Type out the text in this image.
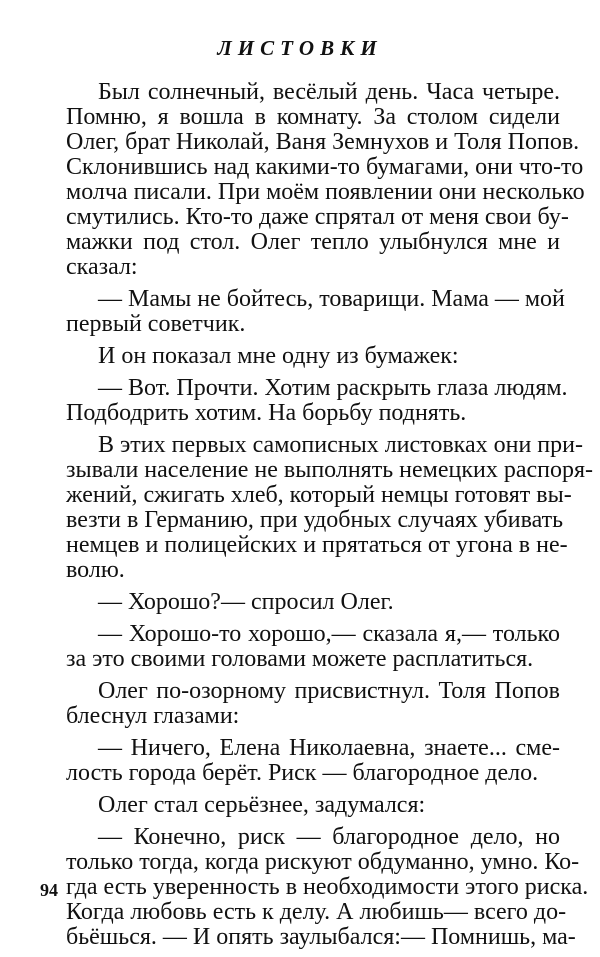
ЛИСТОВКИ
Был солнечный, весёлый день. Часа четыре.
Помню, я вошла в комнату. За столом сидели
Олег, брат Николай, Ваня Земнухов и Толя Попов.
Склонившись над какими-то бумагами, они что-то
молча писали. При моём появлении они несколько
смутились. Кто-то даже спрятал от меня свои бу-
мажки под стол. Олег тепло улыбнулся мне и
сказал:
— Мамы не бойтесь, товарищи. Мама — мой
первый советчик.
И он показал мне одну из бумажек:
— Вот. Прочти. Хотим раскрыть глаза людям.
Подбодрить хотим. На борьбу поднять.
В этих первых самописных листовках они при-
зывали население не выполнять немецких распоря-
жений, сжигать хлеб, который немцы готовят вы-
везти в Германию, при удобных случаях убивать
немцев и полицейских и прятаться от угона в не-
волю.
— Хорошо?— спросил Олег.
— Хорошо-то хорошо,— сказала я,— только
за это своими головами можете расплатиться.
Олег по-озорному присвистнул. Толя Попов
блеснул глазами:
— Ничего, Елена Николаевна, знаете... сме-
лость города берёт. Риск — благородное дело.
Олег стал серьёзнее, задумался:
— Конечно, риск — благородное дело, но
только тогда, когда рискуют обдуманно, умно. Ко-
гда есть уверенность в необходимости этого риска.
Когда любовь есть к делу. А любишь— всего до-
бьёшься. — И опять заулыбался:— Помнишь, ма-
94
